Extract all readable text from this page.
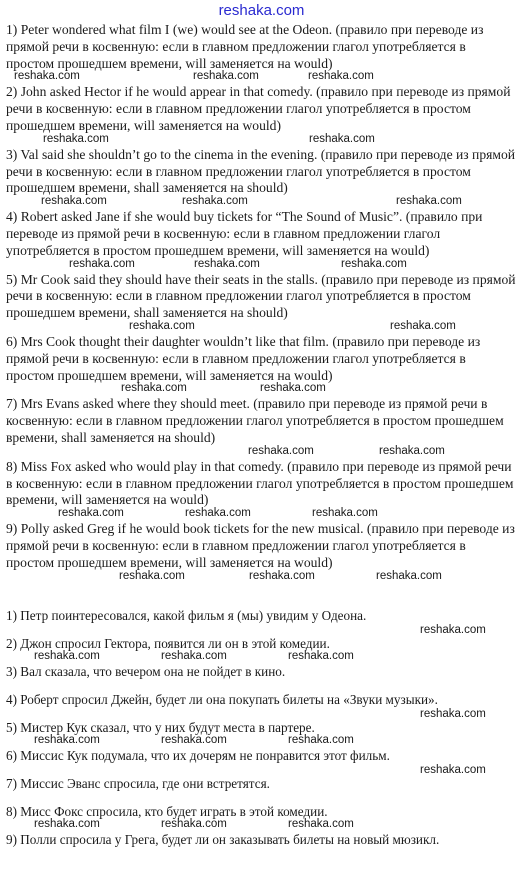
reshaka.com

1) Peter wondered what film I (we) would see at the Odeon. (правило при переводе из прямой речи в косвенную: если в главном предложении глагол употребляется в простом прошедшем времени, will заменяется на would)

reshaka.com	reshaka.com	reshaka.com

2) John asked Hector if he would appear in that comedy. (правило при переводе из прямой речи в косвенную: если в главном предложении глагол употребляется в простом прошедшем времени, will заменяется на would)

reshaka.com	reshaka.com

3) Val said she shouldn’t go to the cinema in the evening. (правило при переводе из прямой речи в косвенную: если в главном предложении глагол употребляется в простом прошедшем времени, shall заменяется на should)

reshaka.com	reshaka.com	reshaka.com

4) Robert asked Jane if she would buy tickets for “The Sound of Music”. (правило при переводе из прямой речи в косвенную: если в главном предложении глагол употребляется в простом прошедшем времени, will заменяется на would)

reshaka.com	reshaka.com	reshaka.com

5) Mr Cook said they should have their seats in the stalls. (правило при переводе из прямой речи в косвенную: если в главном предложении глагол употребляется в простом прошедшем времени, shall заменяется на should)

reshaka.com	reshaka.com

6) Mrs Cook thought their daughter wouldn’t like that film. (правило при переводе из прямой речи в косвенную: если в главном предложении глагол употребляется в простом прошедшем времени, will заменяется на would)

reshaka.com	reshaka.com

7) Mrs Evans asked where they should meet. (правило при переводе из прямой речи в косвенную: если в главном предложении глагол употребляется в простом прошедшем времени, shall заменяется на should)

reshaka.com	reshaka.com

8) Miss Fox asked who would play in that comedy. (правило при переводе из прямой речи в косвенную: если в главном предложении глагол употребляется в простом прошедшем времени, will заменяется на would)

reshaka.com	reshaka.com	reshaka.com

9) Polly asked Greg if he would book tickets for the new musical. (правило при переводе из прямой речи в косвенную: если в главном предложении глагол употребляется в простом прошедшем времени, will заменяется на would)

reshaka.com	reshaka.com	reshaka.com

1) Петр поинтересовался, какой фильм я (мы) увидим у Одеона.

2) Джон спросил Гектора, появится ли он в этой комедии.

reshaka.com
reshaka.com	reshaka.com	reshaka.com

3) Вал сказала, что вечером она не пойдет в кино.

4) Роберт спросил Джейн, будет ли она покупать билеты на «Звуки музыки».

reshaka.com

5) Мистер Кук сказал, что у них будут места в партере.

reshaka.com	reshaka.com	reshaka.com

6) Миссис Кук подумала, что их дочерям не понравится этот фильм.

7) Миссис Эванс спросила, где они встретятся.

reshaka.com

8) Мисс Фокс спросила, кто будет играть в этой комедии.

reshaka.com	reshaka.com	reshaka.com

9) Полли спросила у Грега, будет ли он заказывать билеты на новый мюзикл.
